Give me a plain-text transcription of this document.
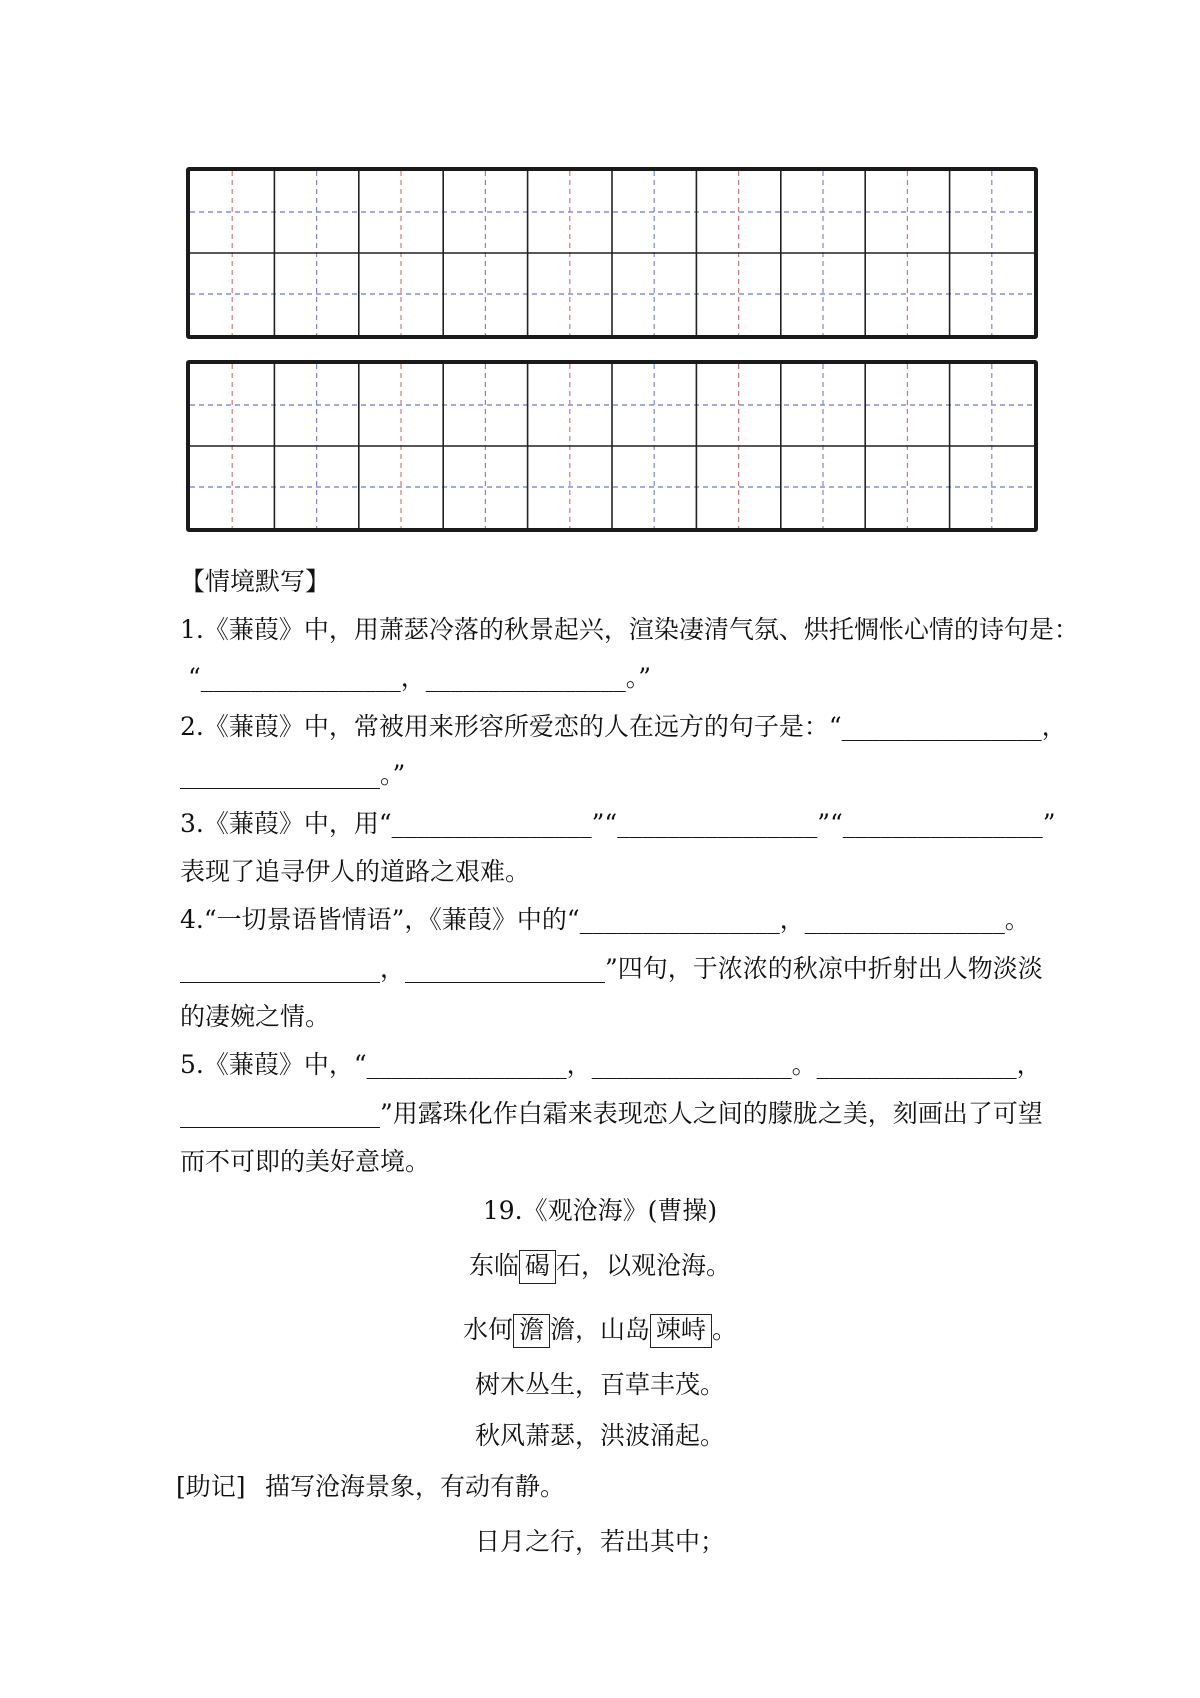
【情境默写】
1.《蒹葭》中，用萧瑟冷落的秋景起兴，渲染凄清气氛、烘托惆怅心情的诗句是：
“________________，________________。”
2.《蒹葭》中，常被用来形容所爱恋的人在远方的句子是：“________________，
________________。”
3.《蒹葭》中，用“________________”“________________”“________________”
表现了追寻伊人的道路之艰难。
4.“一切景语皆情语”，《蒹葭》中的“________________，________________。
________________，________________”四句，于浓浓的秋凉中折射出人物淡淡
的凄婉之情。
5.《蒹葭》中，“________________，________________。________________，
________________”用露珠化作白霜来表现恋人之间的朦胧之美，刻画出了可望
而不可即的美好意境。
19.《观沧海》(曹操)
东临 碣 石，以观沧海。
水何 澹 澹，山岛 竦峙 。
树木丛生，百草丰茂。
秋风萧瑟，洪波涌起。
[助记] 描写沧海景象，有动有静。
日月之行，若出其中；
